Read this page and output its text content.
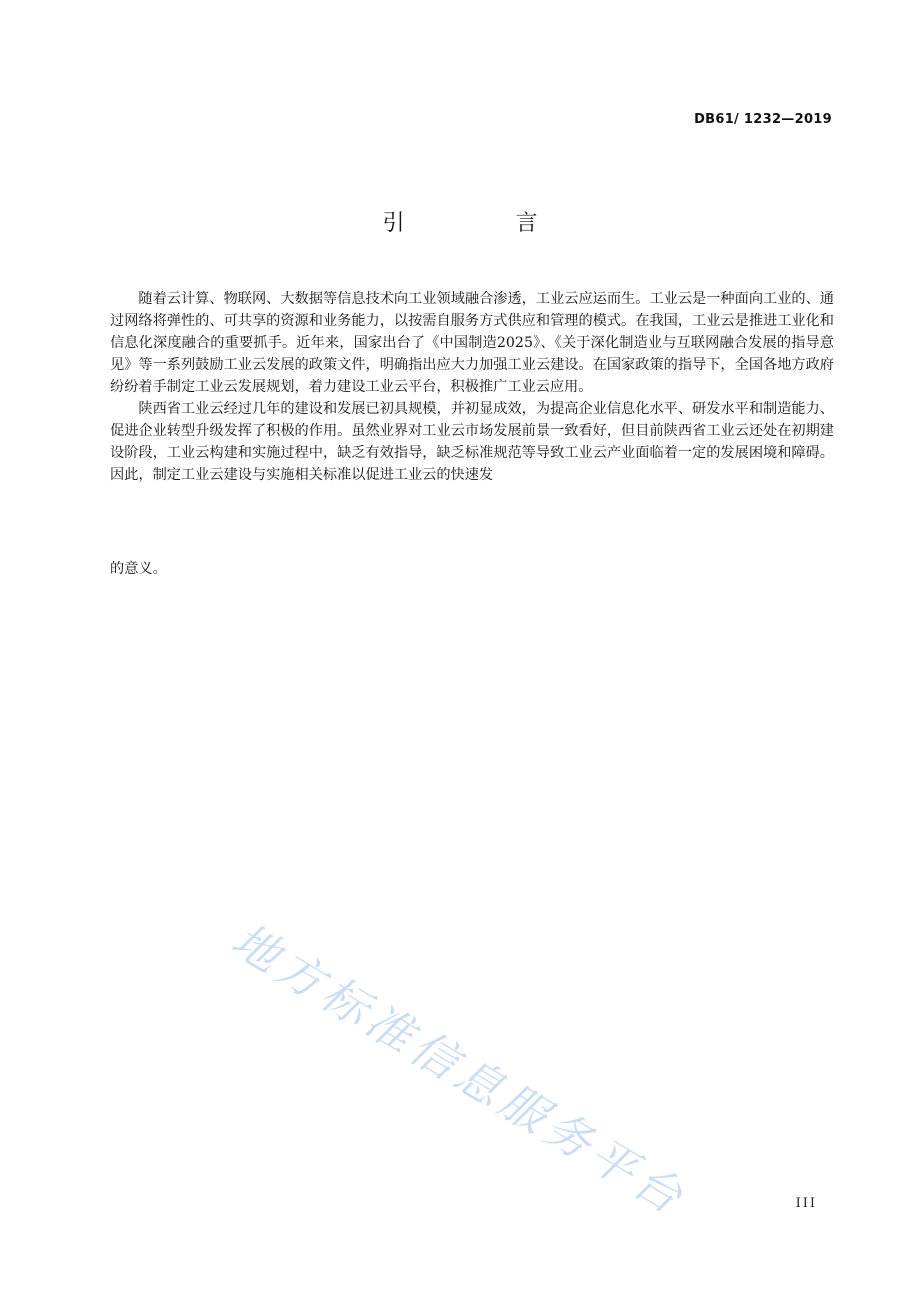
DB61/ 1232—2019
引 言

随着云计算、物联网、大数据等信息技术向工业领域融合渗透，工业云应运而生。工业云是一种面向工业的、通过网络将弹性的、可共享的资源和业务能力，以按需自服务方式供应和管理的模式。在我国，工业云是推进工业化和信息化深度融合的重要抓手。近年来，国家出台了《中国制造2025》、《关于深化制造业与互联网融合发展的指导意见》等一系列鼓励工业云发展的政策文件，明确指出应大力加强工业云建设。在国家政策的指导下，全国各地方政府纷纷着手制定工业云发展规划，着力建设工业云平台，积极推广工业云应用。

陕西省工业云经过几年的建设和发展已初具规模，并初显成效，为提高企业信息化水平、研发水平和制造能力、促进企业转型升级发挥了积极的作用。虽然业界对工业云市场发展前景一致看好，但目前陕西省工业云还处在初期建设阶段，工业云构建和实施过程中，缺乏有效指导，缺乏标准规范等导致工业云产业面临着一定的发展困境和障碍。因此，制定工业云建设与实施相关标准以促进工业云的快速发

的意义。
地方标准信息服务平台	III
